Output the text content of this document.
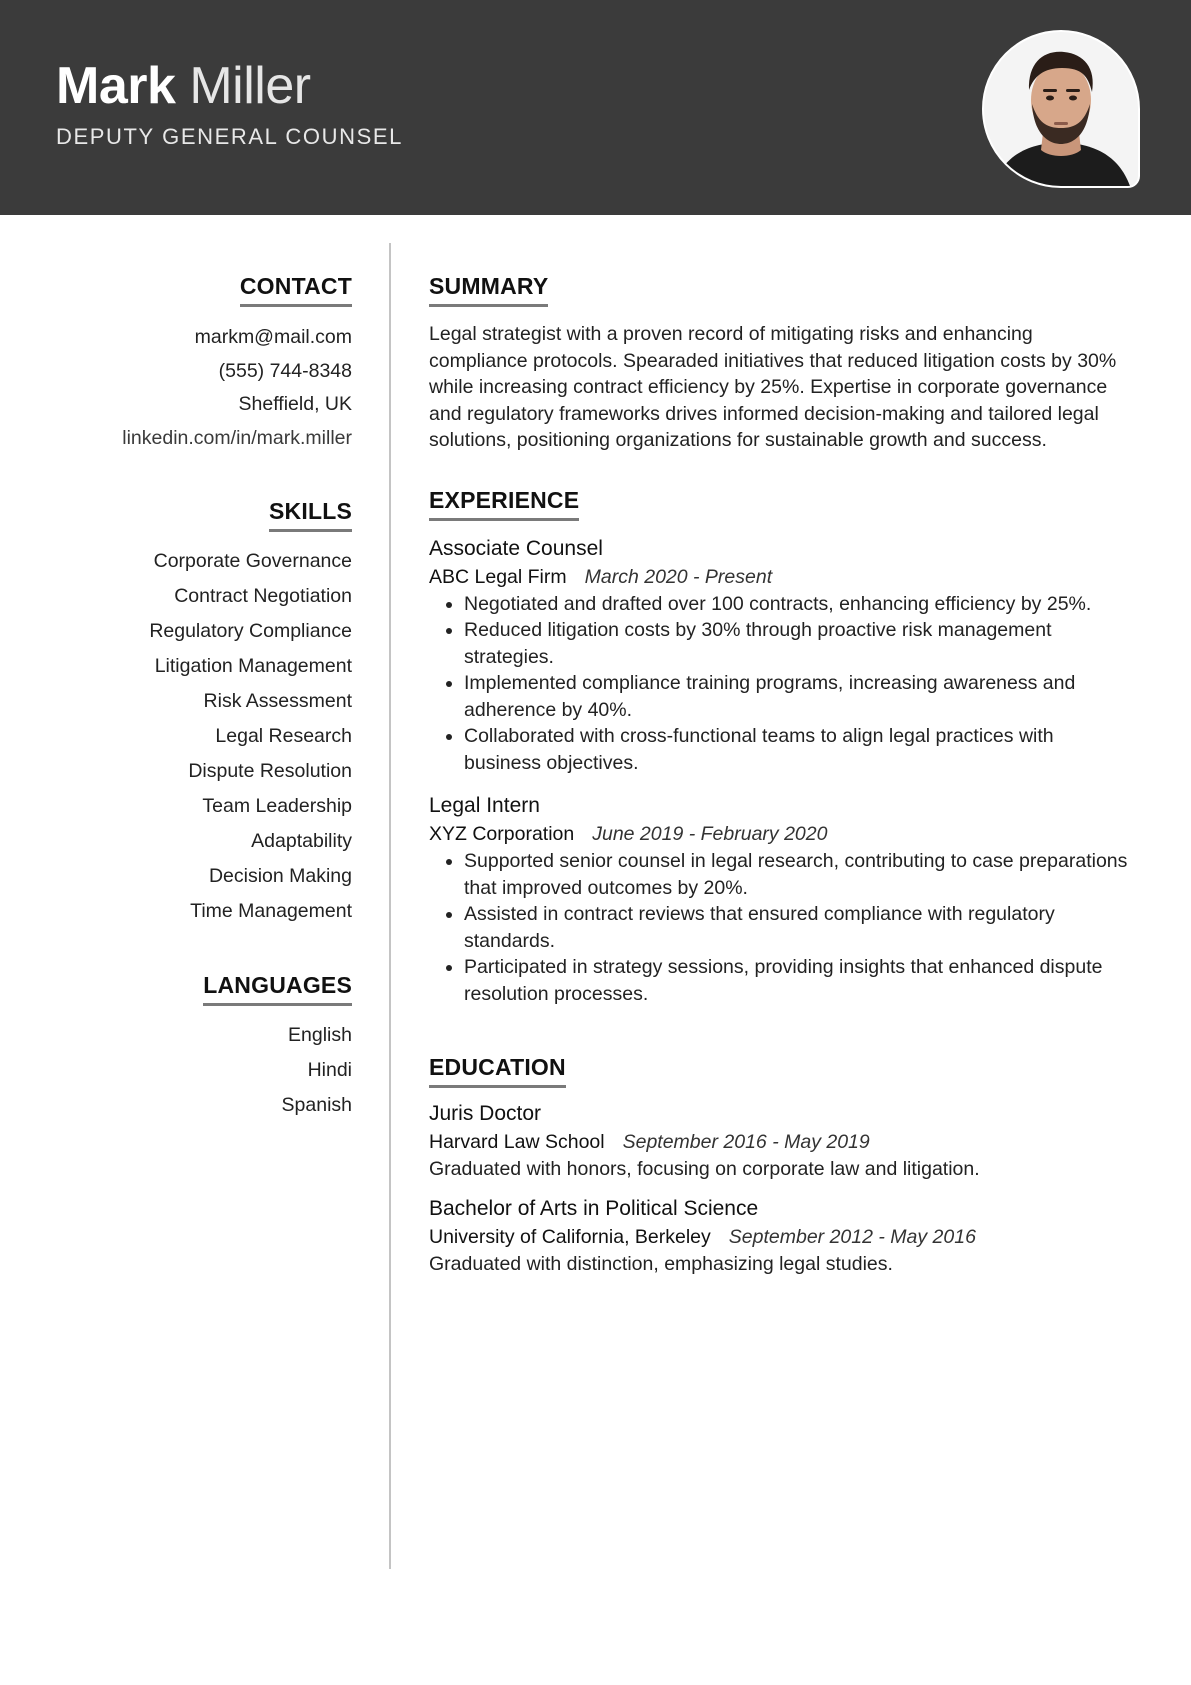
Mark Miller
DEPUTY GENERAL COUNSEL
CONTACT
markm@mail.com
(555) 744-8348
Sheffield, UK
linkedin.com/in/mark.miller
SKILLS
Corporate Governance
Contract Negotiation
Regulatory Compliance
Litigation Management
Risk Assessment
Legal Research
Dispute Resolution
Team Leadership
Adaptability
Decision Making
Time Management
LANGUAGES
English
Hindi
Spanish
SUMMARY
Legal strategist with a proven record of mitigating risks and enhancing compliance protocols. Spearaded initiatives that reduced litigation costs by 30% while increasing contract efficiency by 25%. Expertise in corporate governance and regulatory frameworks drives informed decision-making and tailored legal solutions, positioning organizations for sustainable growth and success.
EXPERIENCE
Associate Counsel
ABC Legal Firm March 2020 - Present
• Negotiated and drafted over 100 contracts, enhancing efficiency by 25%.
• Reduced litigation costs by 30% through proactive risk management strategies.
• Implemented compliance training programs, increasing awareness and adherence by 40%.
• Collaborated with cross-functional teams to align legal practices with business objectives.
Legal Intern
XYZ Corporation June 2019 - February 2020
• Supported senior counsel in legal research, contributing to case preparations that improved outcomes by 20%.
• Assisted in contract reviews that ensured compliance with regulatory standards.
• Participated in strategy sessions, providing insights that enhanced dispute resolution processes.
EDUCATION
Juris Doctor
Harvard Law School September 2016 - May 2019
Graduated with honors, focusing on corporate law and litigation.
Bachelor of Arts in Political Science
University of California, Berkeley September 2012 - May 2016
Graduated with distinction, emphasizing legal studies.
